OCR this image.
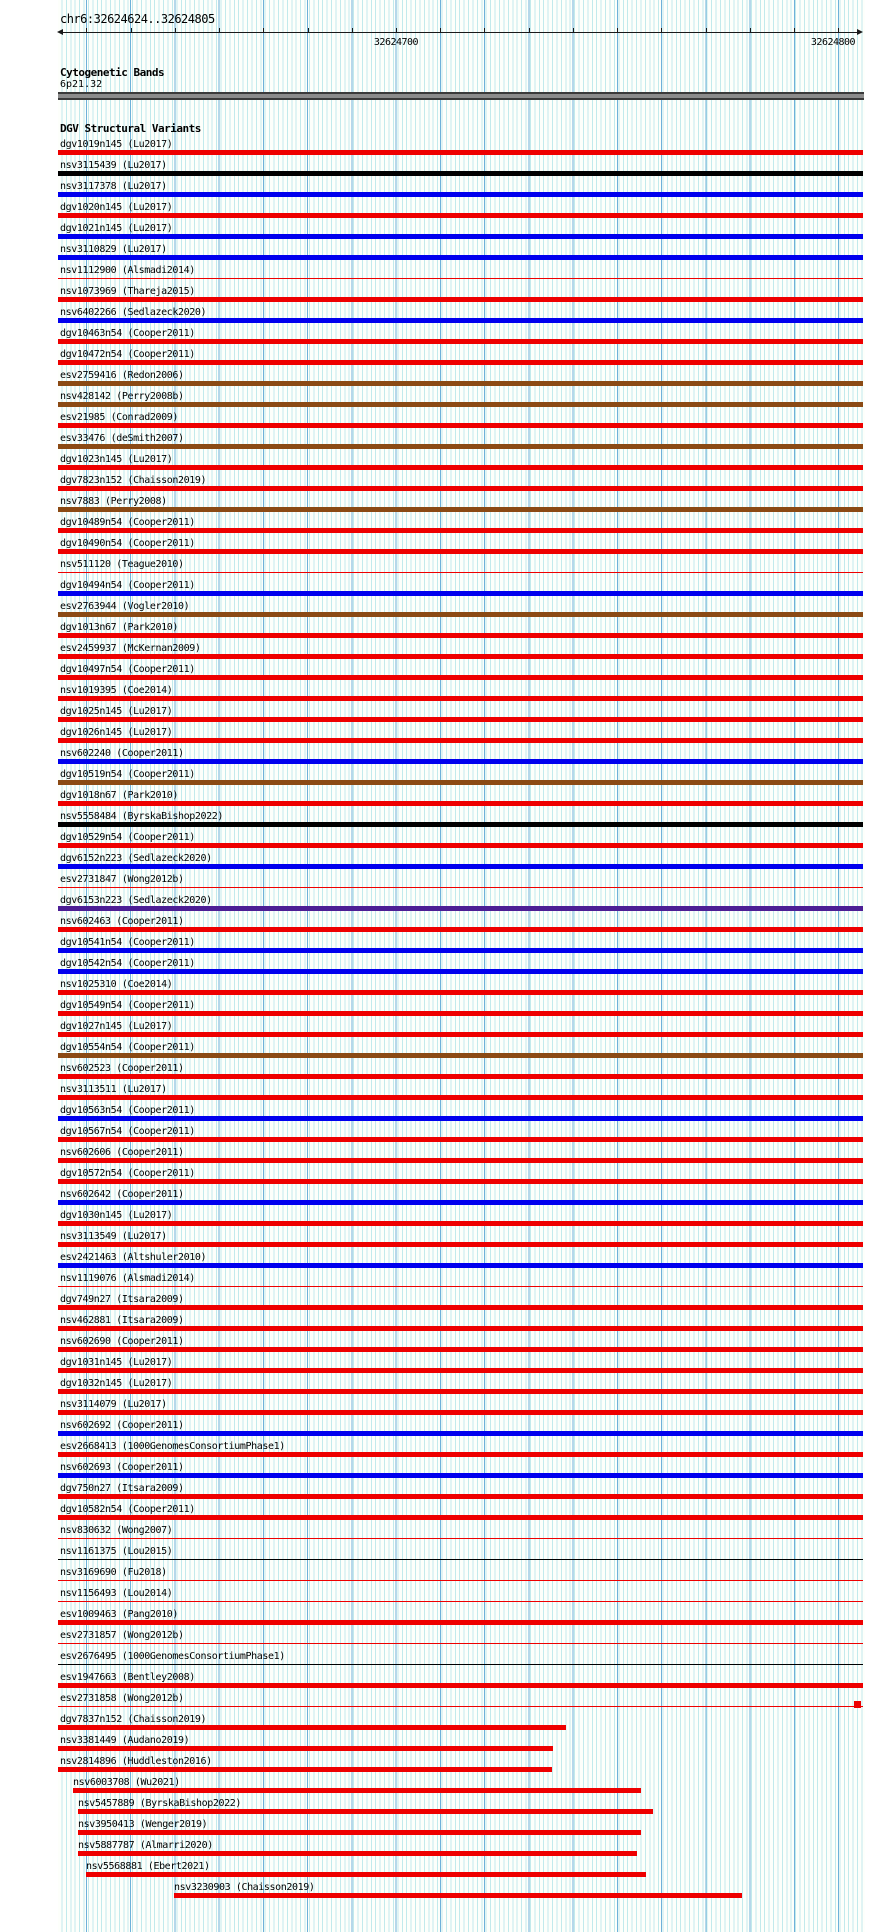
chr6:32624624..32624805
32624700	32624800
Cytogenetic Bands
6p21.32
DGV Structural Variants
dgv1019n145 (Lu2017)
nsv3115439 (Lu2017)
nsv3117378 (Lu2017)
dgv1020n145 (Lu2017)
dgv1021n145 (Lu2017)
nsv3110829 (Lu2017)
nsv1112900 (Alsmadi2014)
nsv1073969 (Thareja2015)
nsv6402266 (Sedlazeck2020)
dgv10463n54 (Cooper2011)
dgv10472n54 (Cooper2011)
esv2759416 (Redon2006)
nsv428142 (Perry2008b)
esv21985 (Conrad2009)
esv33476 (deSmith2007)
dgv1023n145 (Lu2017)
dgv7823n152 (Chaisson2019)
nsv7883 (Perry2008)
dgv10489n54 (Cooper2011)
dgv10490n54 (Cooper2011)
nsv511120 (Teague2010)
dgv10494n54 (Cooper2011)
esv2763944 (Vogler2010)
dgv1013n67 (Park2010)
esv2459937 (McKernan2009)
dgv10497n54 (Cooper2011)
nsv1019395 (Coe2014)
dgv1025n145 (Lu2017)
dgv1026n145 (Lu2017)
nsv602240 (Cooper2011)
dgv10519n54 (Cooper2011)
dgv1018n67 (Park2010)
nsv5558484 (ByrskaBishop2022)
dgv10529n54 (Cooper2011)
dgv6152n223 (Sedlazeck2020)
esv2731847 (Wong2012b)
dgv6153n223 (Sedlazeck2020)
nsv602463 (Cooper2011)
dgv10541n54 (Cooper2011)
dgv10542n54 (Cooper2011)
nsv1025310 (Coe2014)
dgv10549n54 (Cooper2011)
dgv1027n145 (Lu2017)
dgv10554n54 (Cooper2011)
nsv602523 (Cooper2011)
nsv3113511 (Lu2017)
dgv10563n54 (Cooper2011)
dgv10567n54 (Cooper2011)
nsv602606 (Cooper2011)
dgv10572n54 (Cooper2011)
nsv602642 (Cooper2011)
dgv1030n145 (Lu2017)
nsv3113549 (Lu2017)
esv2421463 (Altshuler2010)
nsv1119076 (Alsmadi2014)
dgv749n27 (Itsara2009)
nsv462881 (Itsara2009)
nsv602690 (Cooper2011)
dgv1031n145 (Lu2017)
dgv1032n145 (Lu2017)
nsv3114079 (Lu2017)
nsv602692 (Cooper2011)
esv2668413 (1000GenomesConsortiumPhase1)
nsv602693 (Cooper2011)
dgv750n27 (Itsara2009)
dgv10582n54 (Cooper2011)
nsv830632 (Wong2007)
nsv1161375 (Lou2015)
nsv3169690 (Fu2018)
nsv1156493 (Lou2014)
esv1009463 (Pang2010)
esv2731857 (Wong2012b)
esv2676495 (1000GenomesConsortiumPhase1)
esv1947663 (Bentley2008)
esv2731858 (Wong2012b)
dgv7837n152 (Chaisson2019)
nsv3381449 (Audano2019)
nsv2814896 (Huddleston2016)
nsv6003708 (Wu2021)
nsv5457889 (ByrskaBishop2022)
nsv3950413 (Wenger2019)
nsv5887787 (Almarri2020)
nsv5568881 (Ebert2021)
nsv3230903 (Chaisson2019)
